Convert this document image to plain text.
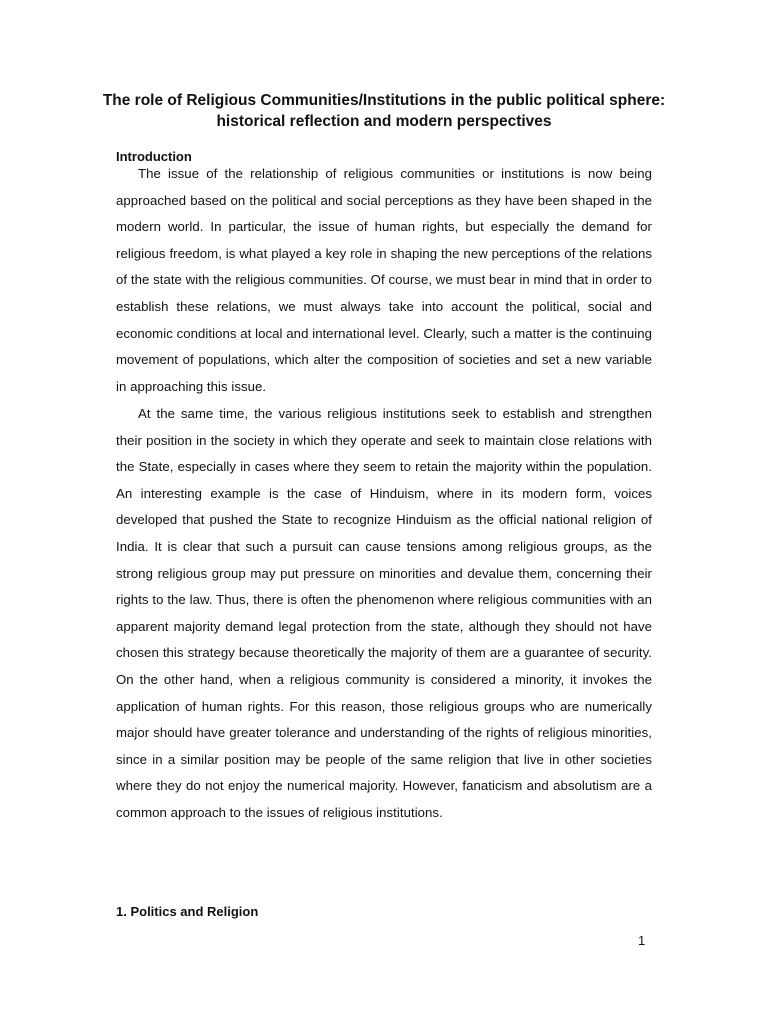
The role of Religious Communities/Institutions in the public political sphere: historical reflection and modern perspectives
Introduction

The issue of the relationship of religious communities or institutions is now being approached based on the political and social perceptions as they have been shaped in the modern world. In particular, the issue of human rights, but especially the demand for religious freedom, is what played a key role in shaping the new perceptions of the relations of the state with the religious communities. Of course, we must bear in mind that in order to establish these relations, we must always take into account the political, social and economic conditions at local and international level. Clearly, such a matter is the continuing movement of populations, which alter the composition of societies and set a new variable in approaching this issue.

At the same time, the various religious institutions seek to establish and strengthen their position in the society in which they operate and seek to maintain close relations with the State, especially in cases where they seem to retain the majority within the population. An interesting example is the case of Hinduism, where in its modern form, voices developed that pushed the State to recognize Hinduism as the official national religion of India. It is clear that such a pursuit can cause tensions among religious groups, as the strong religious group may put pressure on minorities and devalue them, concerning their rights to the law. Thus, there is often the phenomenon where religious communities with an apparent majority demand legal protection from the state, although they should not have chosen this strategy because theoretically the majority of them are a guarantee of security. On the other hand, when a religious community is considered a minority, it invokes the application of human rights. For this reason, those religious groups who are numerically major should have greater tolerance and understanding of the rights of religious minorities, since in a similar position may be people of the same religion that live in other societies where they do not enjoy the numerical majority. However, fanaticism and absolutism are a common approach to the issues of religious institutions.

1. Politics and Religion
1
